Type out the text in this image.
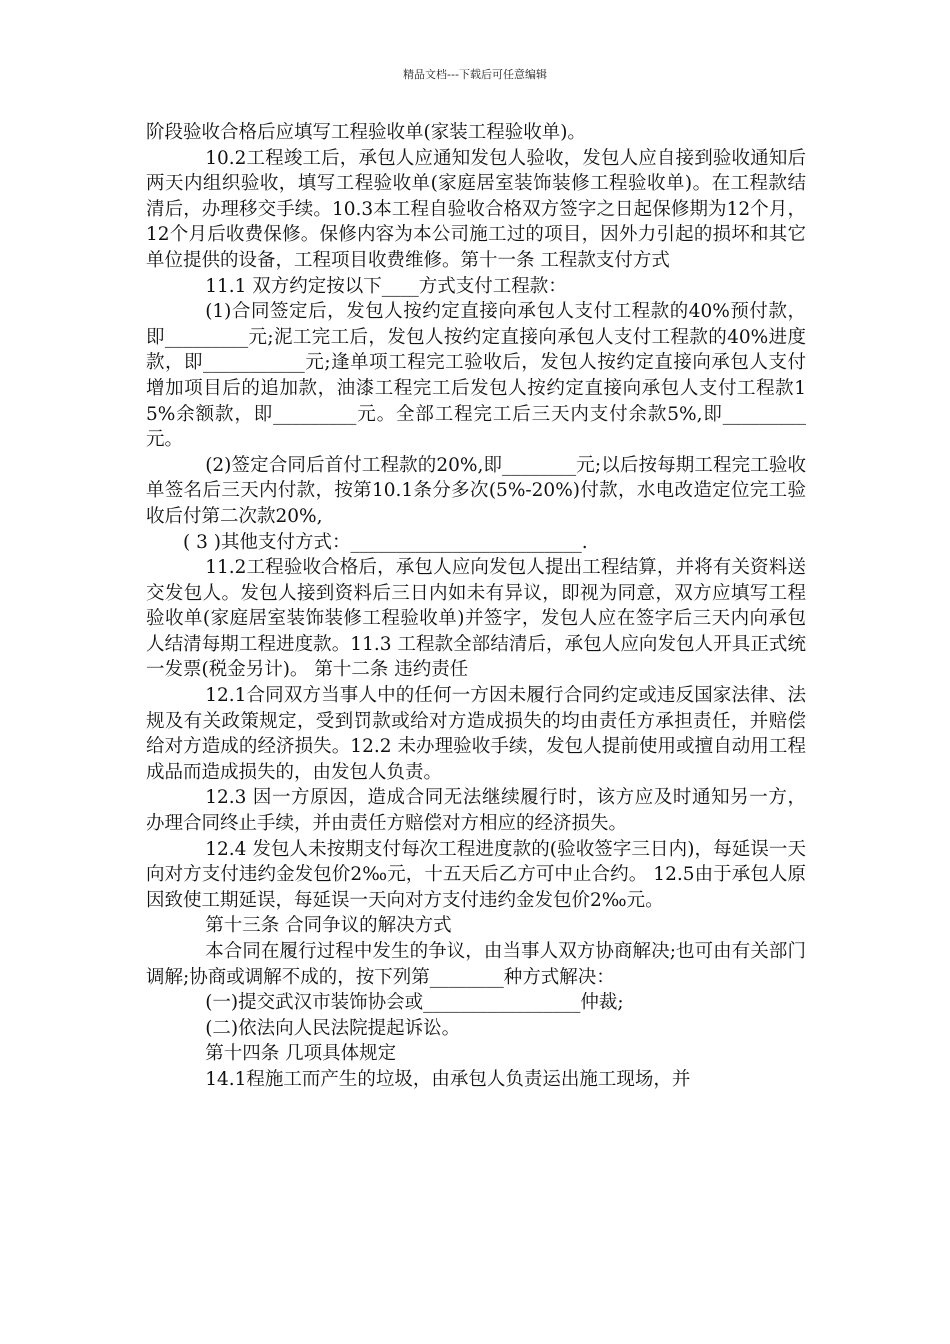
精品文档---下载后可任意编辑

阶段验收合格后应填写工程验收单(家装工程验收单)。

10.2工程竣工后，承包人应通知发包人验收，发包人应自接到验收通知后两天内组织验收，填写工程验收单(家庭居室装饰装修工程验收单)。在工程款结清后，办理移交手续。10.3本工程自验收合格双方签字之日起保修期为12个月，12个月后收费保修。保修内容为本公司施工过的项目，因外力引起的损坏和其它单位提供的设备，工程项目收费维修。第十一条 工程款支付方式

11.1 双方约定按以下____方式支付工程款：

(1)合同签定后，发包人按约定直接向承包人支付工程款的40%预付款，即_________元;泥工完工后，发包人按约定直接向承包人支付工程款的40%进度款，即___________元;逢单项工程完工验收后，发包人按约定直接向承包人支付增加项目后的追加款，油漆工程完工后发包人按约定直接向承包人支付工程款15%余额款，即_________元。全部工程完工后三天内支付余款5%,即_________元。

(2)签定合同后首付工程款的20%,即________元;以后按每期工程完工验收单签名后三天内付款，按第10.1条分多次(5%-20%)付款，水电改造定位完工验收后付第二次款20%,

( 3 )其他支付方式：_________________________.

11.2工程验收合格后，承包人应向发包人提出工程结算，并将有关资料送交发包人。发包人接到资料后三日内如未有异议，即视为同意，双方应填写工程验收单(家庭居室装饰装修工程验收单)并签字，发包人应在签字后三天内向承包人结清每期工程进度款。11.3 工程款全部结清后，承包人应向发包人开具正式统一发票(税金另计)。 第十二条 违约责任

12.1合同双方当事人中的任何一方因未履行合同约定或违反国家法律、法规及有关政策规定，受到罚款或给对方造成损失的均由责任方承担责任，并赔偿给对方造成的经济损失。12.2 未办理验收手续，发包人提前使用或擅自动用工程成品而造成损失的，由发包人负责。

12.3 因一方原因，造成合同无法继续履行时，该方应及时通知另一方，办理合同终止手续，并由责任方赔偿对方相应的经济损失。

12.4 发包人未按期支付每次工程进度款的(验收签字三日内)，每延误一天向对方支付违约金发包价2‰元，十五天后乙方可中止合约。 12.5由于承包人原因致使工期延误，每延误一天向对方支付违约金发包价2‰元。

第十三条 合同争议的解决方式

本合同在履行过程中发生的争议，由当事人双方协商解决;也可由有关部门调解;协商或调解不成的，按下列第________种方式解决：

(一)提交武汉市装饰协会或_________________仲裁;

(二)依法向人民法院提起诉讼。

第十四条 几项具体规定

14.1程施工而产生的垃圾，由承包人负责运出施工现场，并
